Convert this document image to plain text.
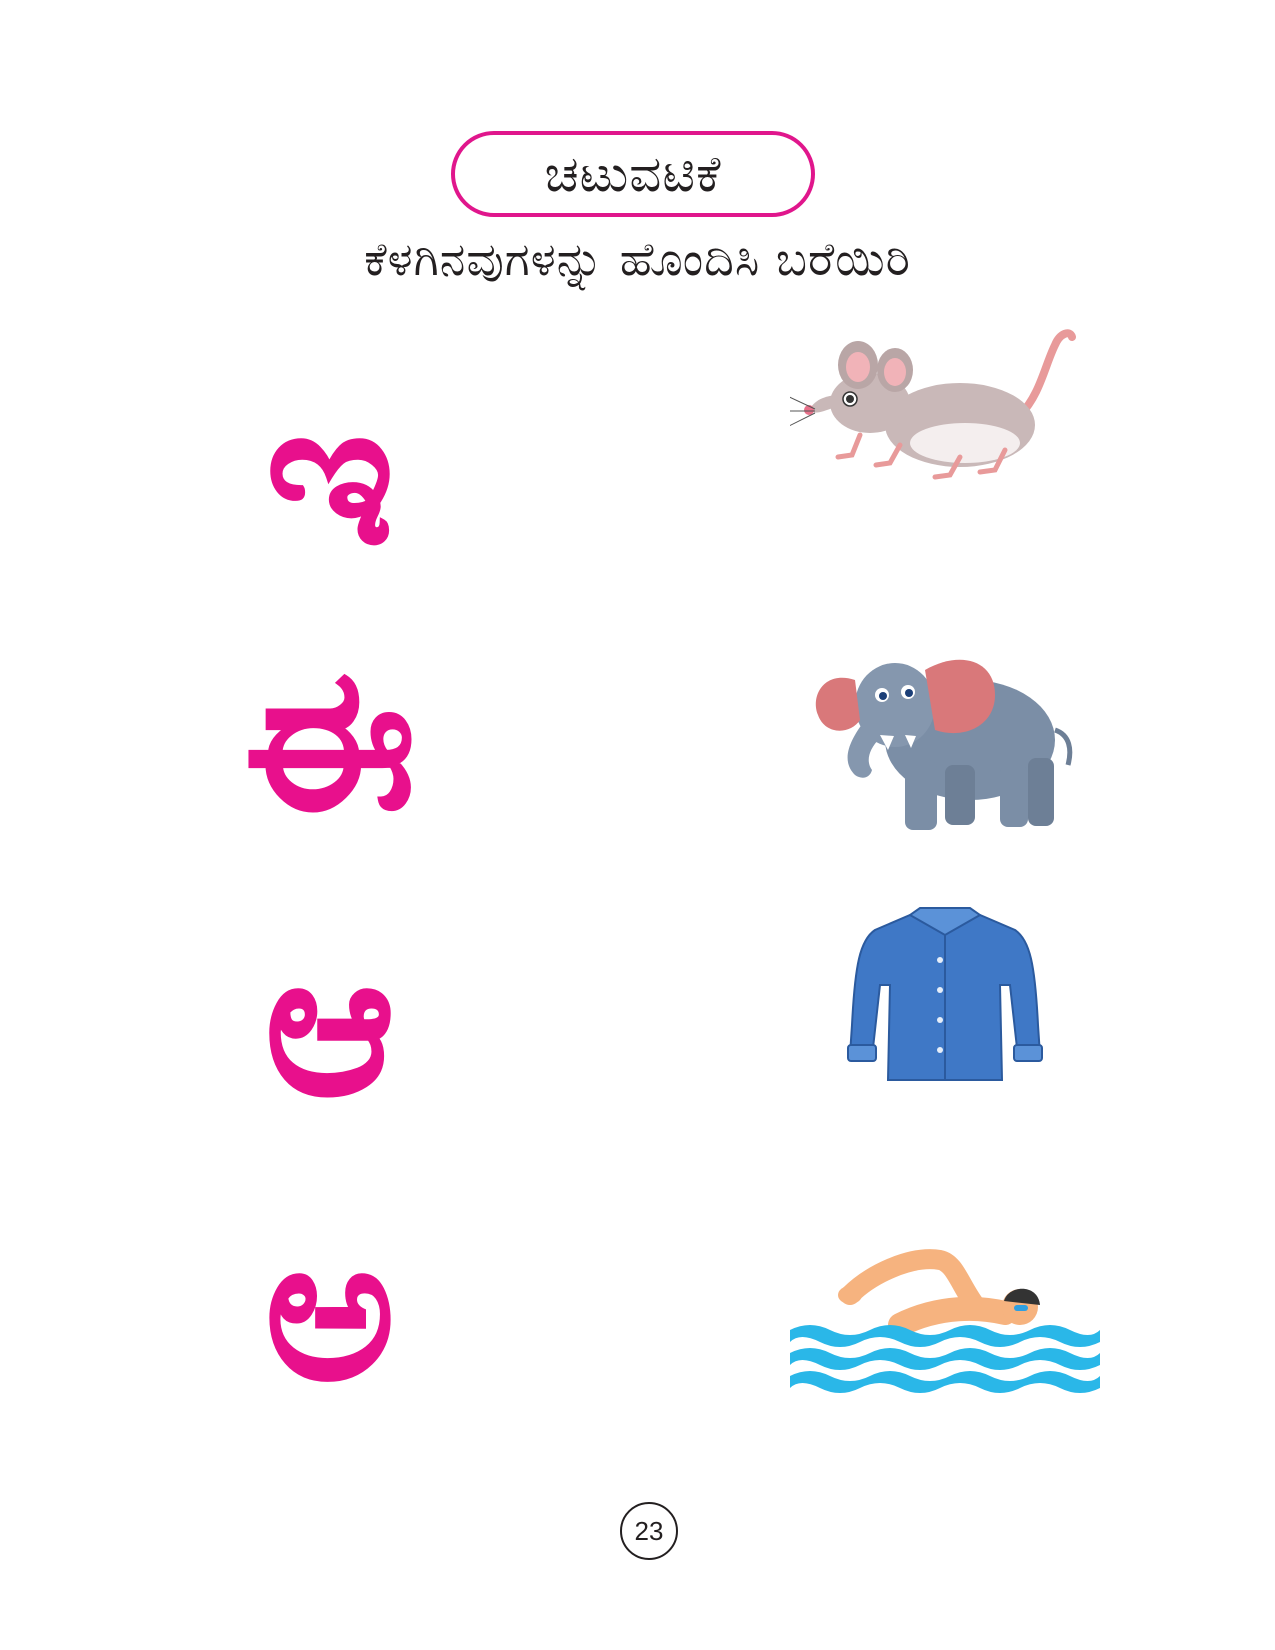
ಚಟುವಟಿಕೆ
ಕೆಳಗಿನವುಗಳನ್ನು ಹೊಂದಿಸಿ ಬರೆಯಿರಿ
ಇ
ಈ
ಆ
ಅ
23
